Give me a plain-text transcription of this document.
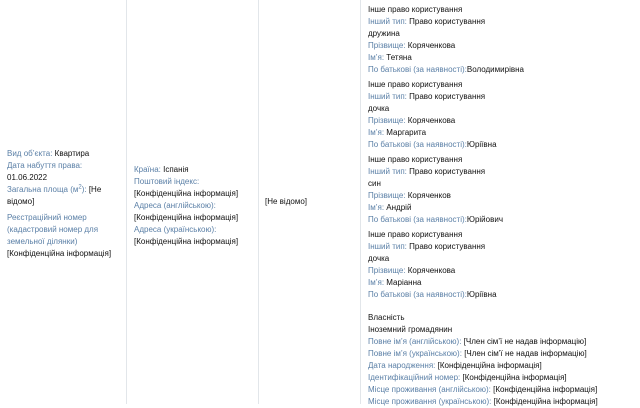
Вид об’єкта: Квартира
Дата набуття права:
01.06.2022
Загальна площа $(м^2)$: [Не
відомо]
Реєстраційний номер
(кадастровий номер для
земельної ділянки)
[Конфіденційна інформація]
Країна: Іспанія
Поштовий індекс:
[Конфіденційна інформація]
Адреса (англійською):
[Конфіденційна інформація]
Адреса (українською):
[Конфіденційна інформація]
[Не відомо]
Інше право користування
Інший тип: Право користування
дружина
Прізвище: Коряченкова
Ім’я: Тетяна
По батькові (за наявності):Володимирівна
Інше право користування
Інший тип: Право користування
дочка
Прізвище: Коряченкова
Ім’я: Маргарита
По батькові (за наявності):Юріївна
Інше право користування
Інший тип: Право користування
син
Прізвище: Коряченков
Ім’я: Андрій
По батькові (за наявності):Юрійович
Інше право користування
Інший тип: Право користування
дочка
Прізвище: Коряченкова
Ім’я: Маріанна
По батькові (за наявності):Юріївна
Власність
Іноземний громадянин
Повне ім’я (англійською): [Член сім’ї не надав інформацію]
Повне ім’я (українською): [Член сім’ї не надав інформацію]
Дата народження: [Конфіденційна інформація]
Ідентифікаційний номер: [Конфіденційна інформація]
Місце проживання (англійською): [Конфіденційна інформація]
Місце проживання (українською): [Конфіденційна інформація]
